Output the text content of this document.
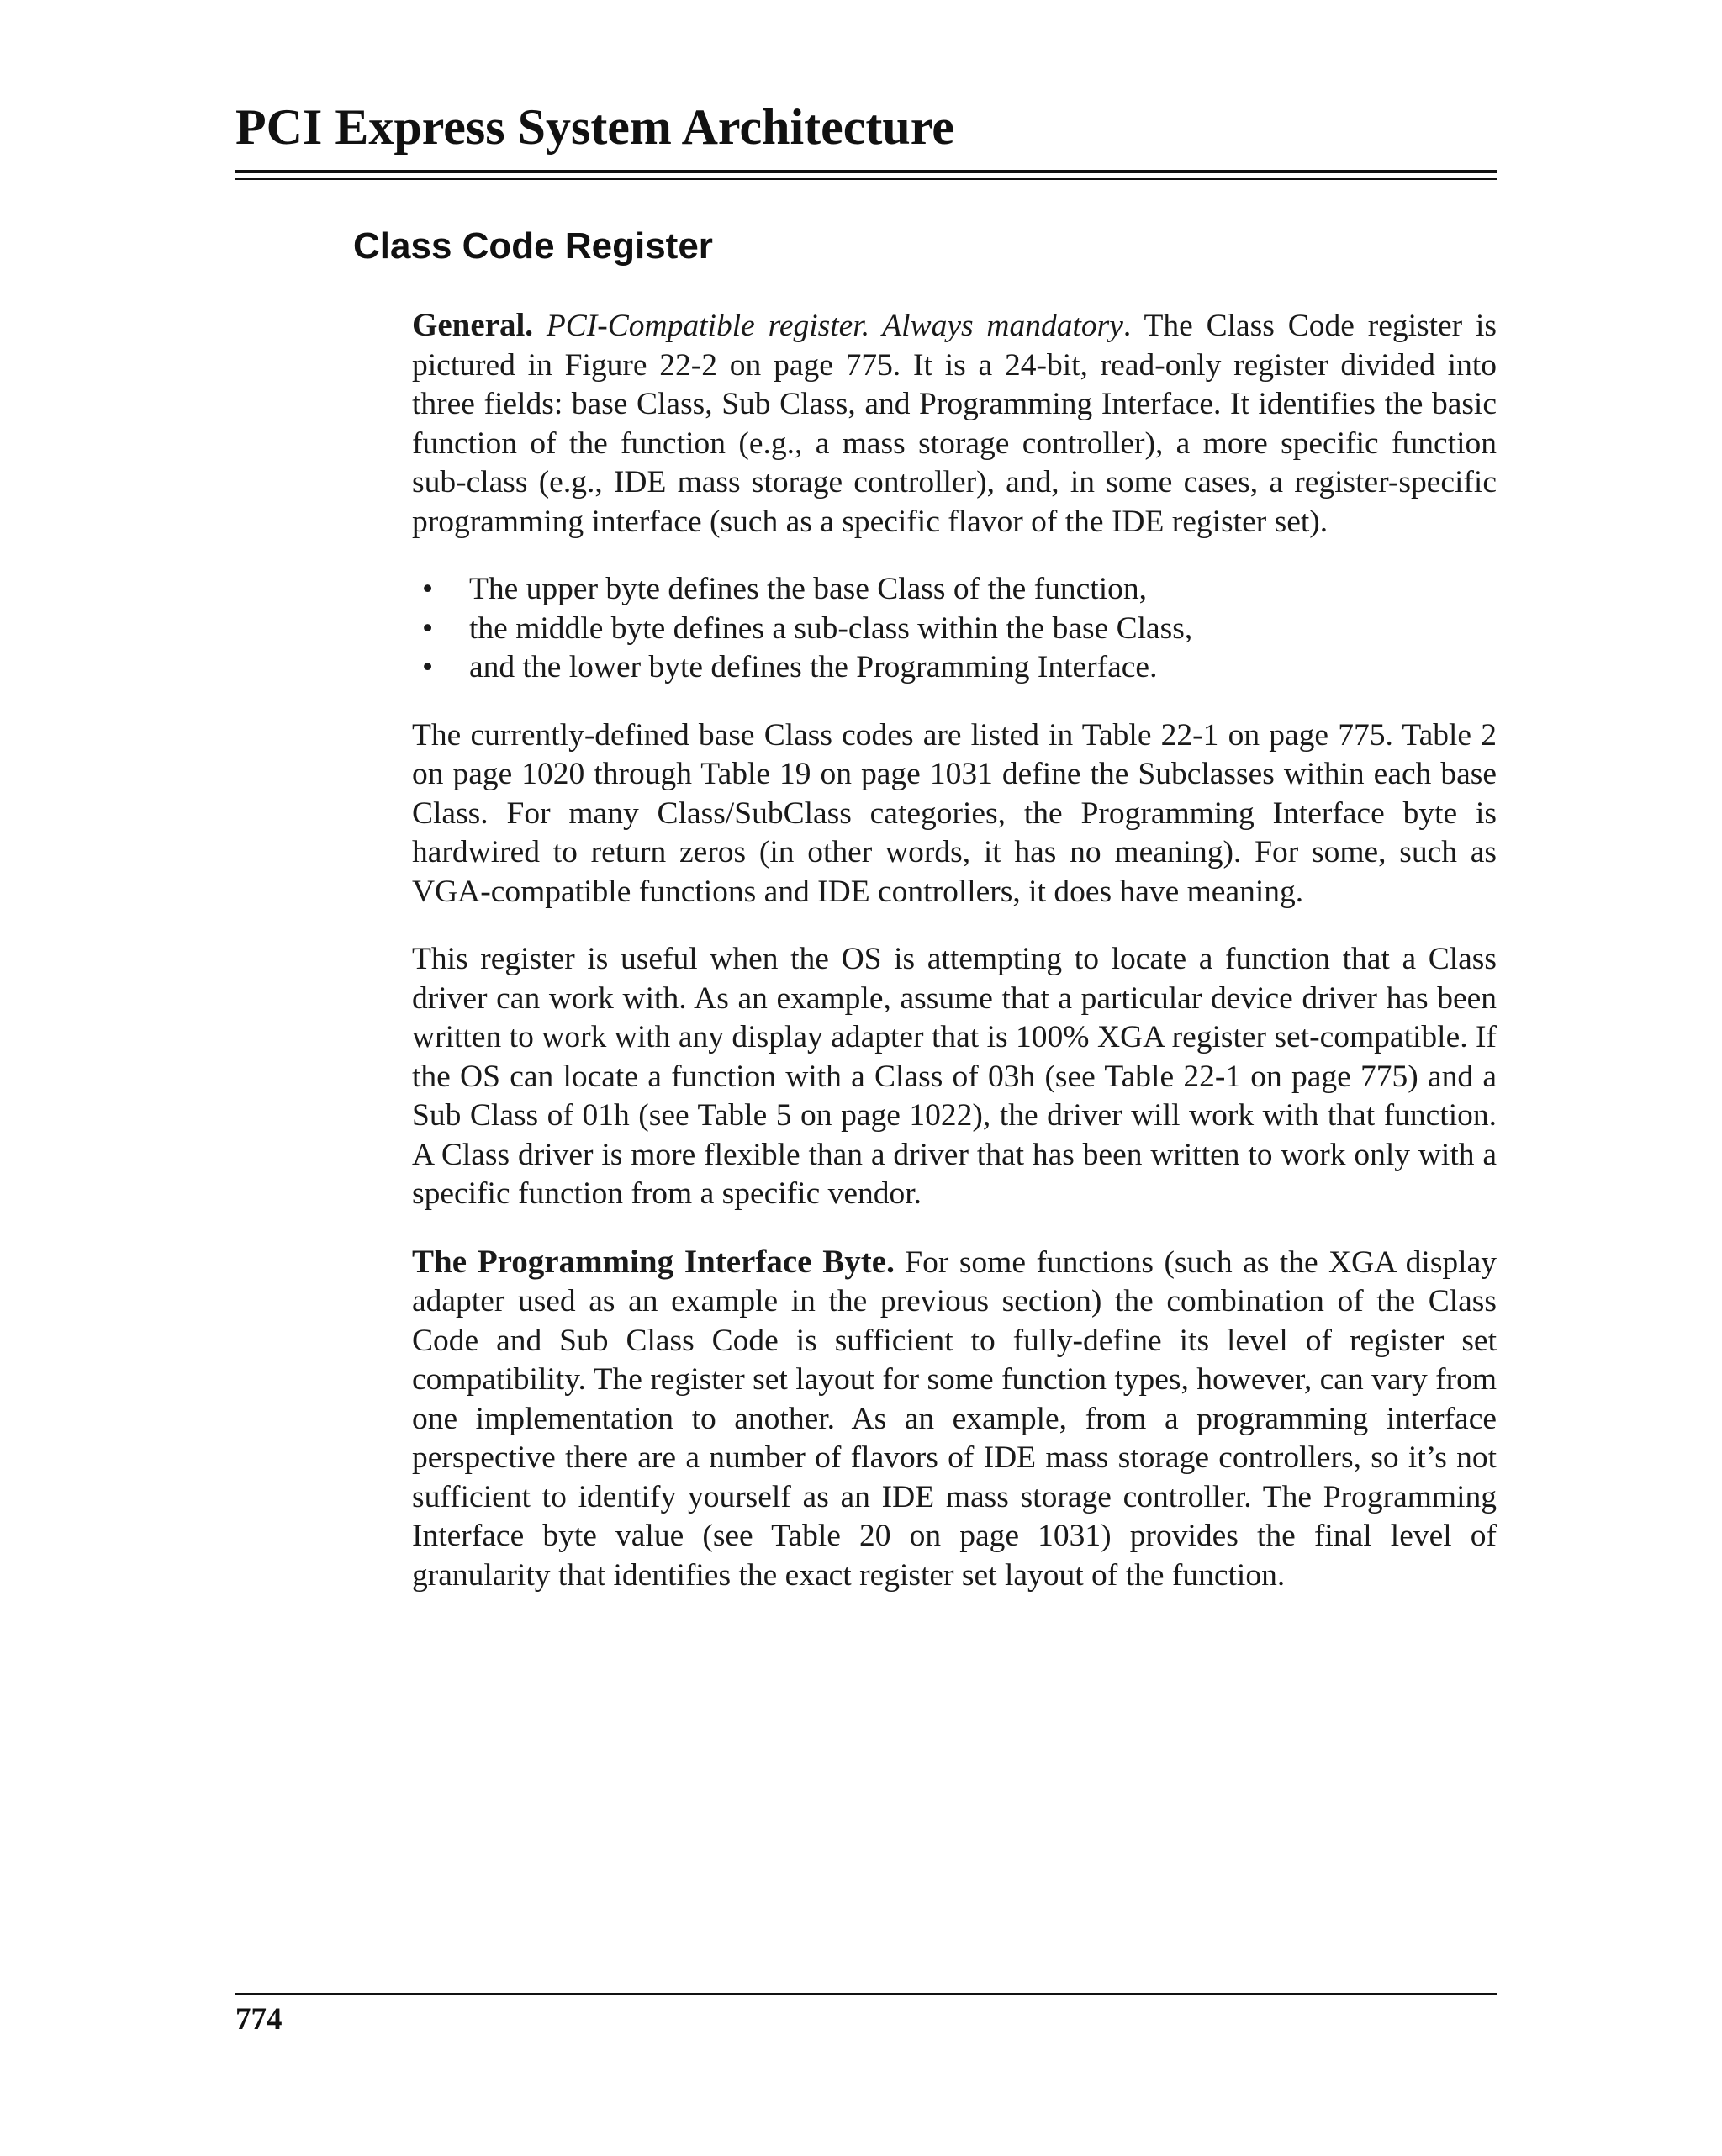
PCI Express System Architecture
Class Code Register

General. PCI-Compatible register. Always mandatory. The Class Code register is pictured in Figure 22-2 on page 775. It is a 24-bit, read-only register divided into three fields: base Class, Sub Class, and Programming Interface. It identifies the basic function of the function (e.g., a mass storage controller), a more specific function sub-class (e.g., IDE mass storage controller), and, in some cases, a register-specific programming interface (such as a specific flavor of the IDE register set).

• The upper byte defines the base Class of the function,
• the middle byte defines a sub-class within the base Class,
• and the lower byte defines the Programming Interface.

The currently-defined base Class codes are listed in Table 22-1 on page 775. Table 2 on page 1020 through Table 19 on page 1031 define the Subclasses within each base Class. For many Class/SubClass categories, the Programming Interface byte is hardwired to return zeros (in other words, it has no meaning). For some, such as VGA-compatible functions and IDE controllers, it does have meaning.

This register is useful when the OS is attempting to locate a function that a Class driver can work with. As an example, assume that a particular device driver has been written to work with any display adapter that is 100% XGA register set-compatible. If the OS can locate a function with a Class of 03h (see Table 22-1 on page 775) and a Sub Class of 01h (see Table 5 on page 1022), the driver will work with that function. A Class driver is more flexible than a driver that has been written to work only with a specific function from a specific vendor.

The Programming Interface Byte. For some functions (such as the XGA display adapter used as an example in the previous section) the combination of the Class Code and Sub Class Code is sufficient to fully-define its level of register set compatibility. The register set layout for some function types, however, can vary from one implementation to another. As an example, from a programming interface perspective there are a number of flavors of IDE mass storage controllers, so it’s not sufficient to identify yourself as an IDE mass storage controller. The Programming Interface byte value (see Table 20 on page 1031) provides the final level of granularity that identifies the exact register set layout of the function.

774
